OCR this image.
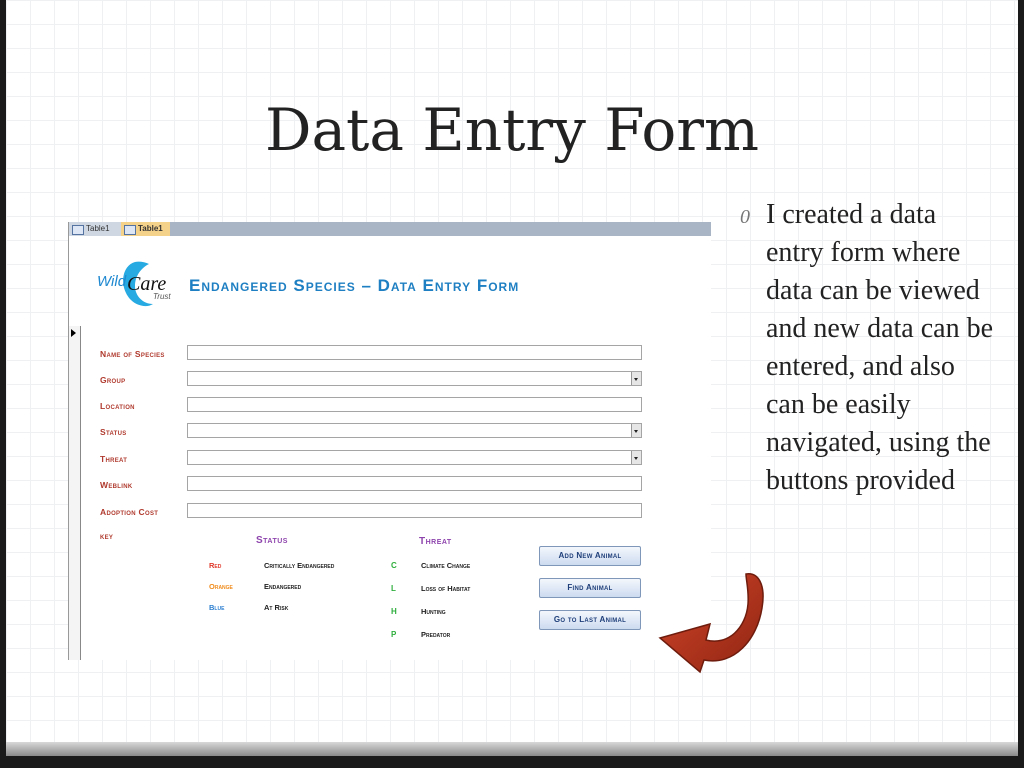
Data Entry Form
0 I created a data entry form where data can be viewed and new data can be entered, and also can be easily navigated, using the buttons provided
Table1	Table1
Wild Care
Trust
Endangered Species – Data Entry Form
Name of Species
Group
Location
Status
Threat
Weblink
Adoption Cost
key	Status
Red	Critically Endangered
Orange	Endangered
Blue	At Risk
Threat
C	Climate Change
L	Loss of Habitat
H	Hunting
P	Predator
Add New Animal
Find Animal
Go to Last Animal
